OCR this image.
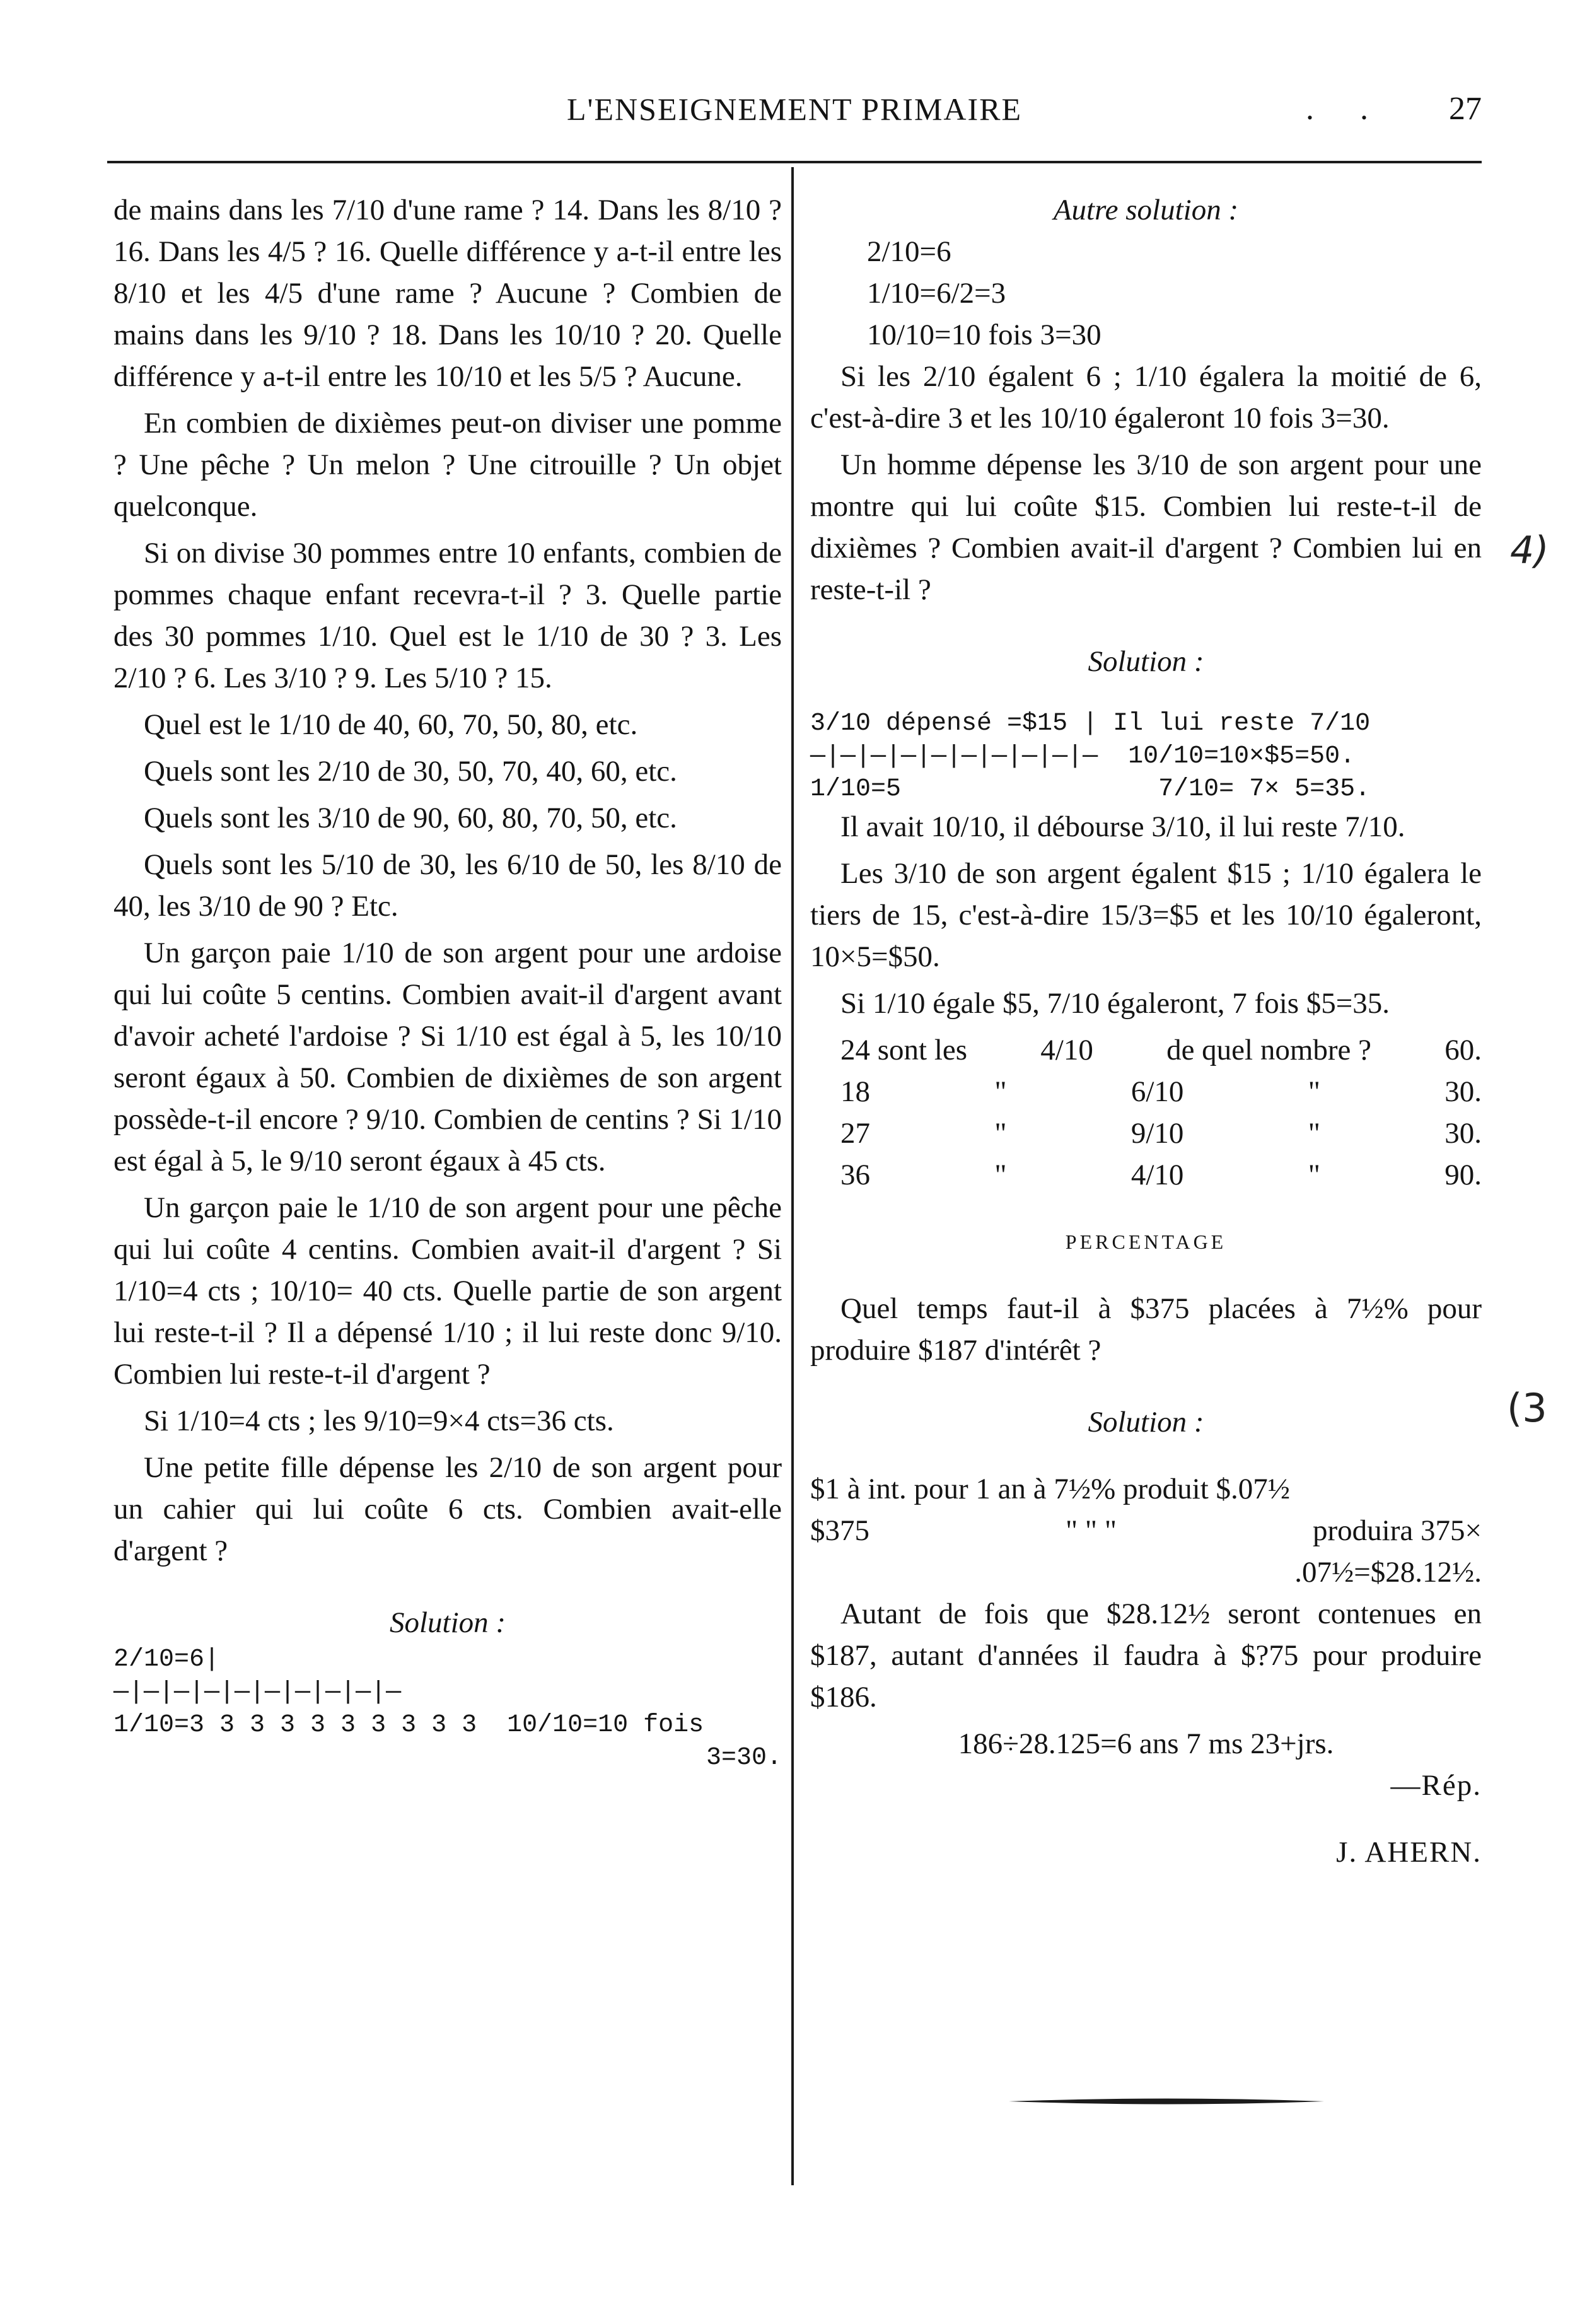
L'ENSEIGNEMENT PRIMAIRE	. . 27

de mains dans les 7/10 d'une rame ? 14. Dans les 8/10 ? 16. Dans les 4/5 ? 16. Quelle différence y a-t-il entre les 8/10 et les 4/5 d'une rame ? Aucune ? Combien de mains dans les 9/10 ? 18. Dans les 10/10 ? 20. Quelle différence y a-t-il entre les 10/10 et les 5/5 ? Aucune.

En combien de dixièmes peut-on diviser une pomme ? Une pêche ? Un melon ? Une citrouille ? Un objet quelconque.

Si on divise 30 pommes entre 10 enfants, combien de pommes chaque enfant recevra-t-il ? 3. Quelle partie des 30 pommes 1/10. Quel est le 1/10 de 30 ? 3. Les 2/10 ? 6. Les 3/10 ? 9. Les 5/10 ? 15.

Quel est le 1/10 de 40, 60, 70, 50, 80, etc.

Quels sont les 2/10 de 30, 50, 70, 40, 60, etc.

Quels sont les 3/10 de 90, 60, 80, 70, 50, etc.

Quels sont les 5/10 de 30, les 6/10 de 50, les 8/10 de 40, les 3/10 de 90 ? Etc.

Un garçon paie 1/10 de son argent pour une ardoise qui lui coûte 5 centins. Combien avait-il d'argent avant d'avoir acheté l'ardoise ? Si 1/10 est égal à 5, les 10/10 seront égaux à 50. Combien de dixièmes de son argent possède-t-il encore ? 9/10. Combien de centins ? Si 1/10 est égal à 5, le 9/10 seront égaux à 45 cts.

Un garçon paie le 1/10 de son argent pour une pêche qui lui coûte 4 centins. Combien avait-il d'argent ? Si 1/10=4 cts ; 10/10= 40 cts. Quelle partie de son argent lui reste-t-il ? Il a dépensé 1/10 ; il lui reste donc 9/10. Combien lui reste-t-il d'argent ?

Si 1/10=4 cts ; les 9/10=9×4 cts=36 cts.

Une petite fille dépense les 2/10 de son argent pour un cahier qui lui coûte 6 cts. Combien avait-elle d'argent ?

Solution :
2/10=6|
—|—|—|—|—|—|—|—|—|—
1/10=3 3 3 3 3 3 3 3 3 3  10/10=10 fois
3=30.
Autre solution :
2/10=6
1/10=6/2=3
10/10=10 fois 3=30

Si les 2/10 égalent 6 ; 1/10 égalera la moitié de 6, c'est-à-dire 3 et les 10/10 égaleront 10 fois 3=30.

Un homme dépense les 3/10 de son argent pour une montre qui lui coûte $15. Combien lui reste-t-il de dixièmes ? Combien avait-il d'argent ? Combien lui en reste-t-il ?

Solution :
3/10 dépensé =$15 | Il lui reste 7/10
—|—|—|—|—|—|—|—|—|—  10/10=10×$5=50.
1/10=5                 7/10= 7× 5=35.

Il avait 10/10, il débourse 3/10, il lui reste 7/10.

Les 3/10 de son argent égalent $15 ; 1/10 égalera le tiers de 15, c'est-à-dire 15/3=$5 et les 10/10 égaleront, 10×5=$50.

Si 1/10 égale $5, 7/10 égaleront, 7 fois $5=35.

24 sont les 4/10 de quel nombre ? 60.
18	"	6/10	"	30.
27	"	9/10	"	30.
36	"	4/10	"	90.
PERCENTAGE

Quel temps faut-il à $375 placées à 7½% pour produire $187 d'intérêt ?

Solution :
$1 à int. pour 1 an à 7½% produit $.07½
$375	" " "	produira 375×
.07½=$28.12½.

Autant de fois que $28.12½ seront contenues en $187, autant d'années il faudra à $?75 pour produire $186.

186÷28.125=6 ans 7 ms 23+jrs.
—Rép.
J. AHERN.
4)
(3
